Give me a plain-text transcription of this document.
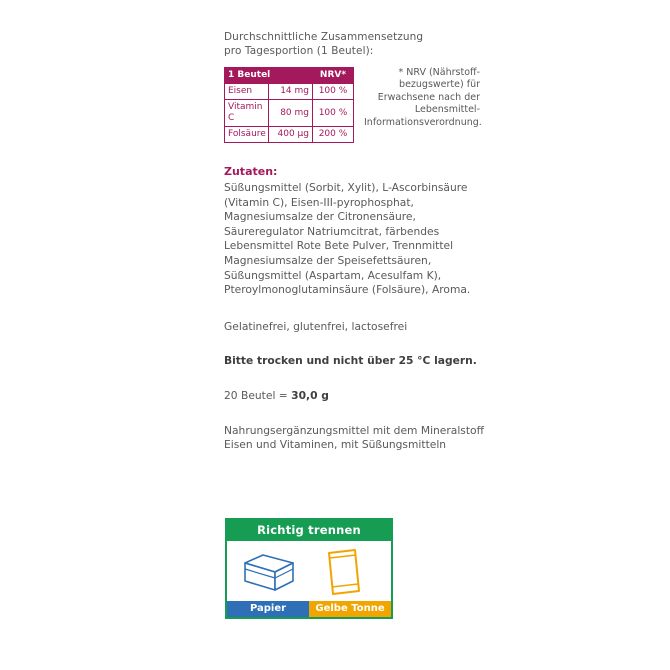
Durchschnittliche Zusammensetzung
pro Tagesportion (1 Beutel):
1 Beutel		NRV*
Eisen	14 mg	100 %
Vitamin C	80 mg	100 %
Folsäure	400 µg	200 %
* NRV (Nährstoff-bezugswerte) für Erwachsene nach der Lebensmittel-Informationsverordnung.
Zutaten:
Süßungsmittel (Sorbit, Xylit), L-Ascorbinsäure (Vitamin C), Eisen-III-pyrophosphat, Magnesiumsalze der Citronensäure, Säureregulator Natriumcitrat, färbendes Lebensmittel Rote Bete Pulver, Trennmittel Magnesiumsalze der Speisefettsäuren, Süßungsmittel (Aspartam, Acesulfam K), Pteroylmonoglutaminsäure (Folsäure), Aroma.
Gelatinefrei, glutenfrei, lactosefrei
Bitte trocken und nicht über 25 °C lagern.
20 Beutel = 30,0 g
Nahrungsergänzungsmittel mit dem Mineralstoff Eisen und Vitaminen, mit Süßungsmitteln
Richtig trennen
Papier	Gelbe Tonne
